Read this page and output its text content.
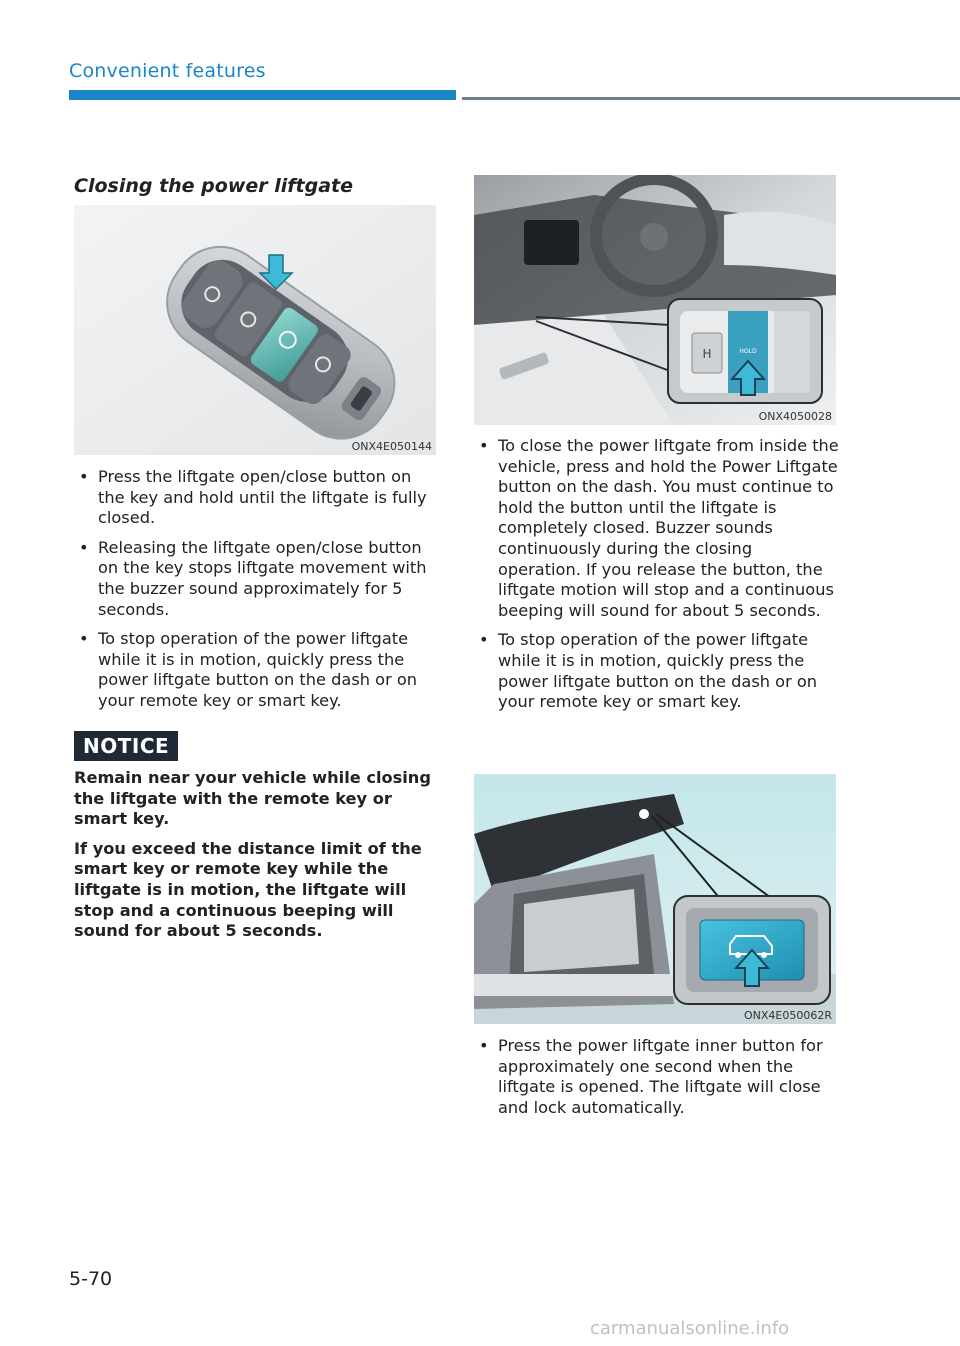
Convenient features
Closing the power liftgate
ONX4E050144
• Press the liftgate open/close button on the key and hold until the liftgate is fully closed.
• Releasing the liftgate open/close button on the key stops liftgate movement with the buzzer sound approximately for 5 seconds.
• To stop operation of the power liftgate while it is in motion, quickly press the power liftgate button on the dash or on your remote key or smart key.
NOTICE

Remain near your vehicle while closing the liftgate with the remote key or smart key.

If you exceed the distance limit of the smart key or remote key while the liftgate is in motion, the liftgate will stop and a continuous beeping will sound for about 5 seconds.

H	HOLD
ONX4050028
• To close the power liftgate from inside the vehicle, press and hold the Power Liftgate button on the dash. You must continue to hold the button until the liftgate is completely closed. Buzzer sounds continuously during the closing operation. If you release the button, the liftgate motion will stop and a continuous beeping will sound for about 5 seconds.
• To stop operation of the power liftgate while it is in motion, quickly press the power liftgate button on the dash or on your remote key or smart key.
ONX4E050062R
• Press the power liftgate inner button for approximately one second when the liftgate is opened. The liftgate will close and lock automatically.
5-70
carmanualsonline.info
